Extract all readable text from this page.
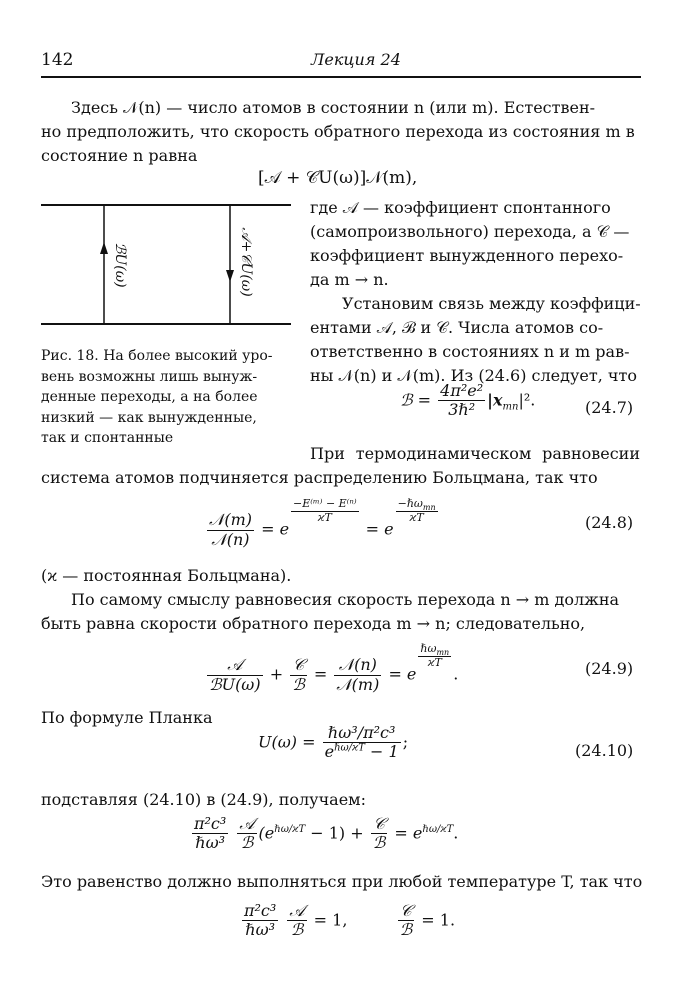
142	Лекция 24
Здесь 𝒩(n) — число атомов в состоянии n (или m). Естествен-
но предположить, что скорость обратного перехода из состояния m в
состояние n равна
[𝒜 + 𝒞U(ω)]𝒩(m),
ℬU(ω)	𝒜+𝒞U(ω)
Рис. 18. На более высокий уро-
вень возможны лишь вынуж-
денные переходы, а на более
низкий — как вынужденные,
так и спонтанные
где 𝒜 — коэффициент спонтанного
(самопроизвольного) перехода, а 𝒞 —
коэффициент вынужденного перехо-
да m → n.
Установим связь между коэффици-
ентами 𝒜, ℬ и 𝒞. Числа атомов со-
ответственно в состояниях n и m рав-
ны 𝒩(n) и 𝒩(m). Из (24.6) следует, что
ℬ = $\frac{\text{4π²e²}}{\text{3ℏ²}} |x_{mn}|^2$.	(24.7)
При термодинамическом равновесии
система атомов подчиняется распределению Больцмана, так что
$\frac{\text{𝒩(m)}}{\text{𝒩(n)}} = e$
$\frac{\text{−E⁽ᵐ⁾ − E⁽ⁿ⁾}}{ϰT}$
= e
$\frac{-\hbar\omega_{mn}}{ϰT}$	(24.8)
(ϰ — постоянная Больцмана).
По самому смыслу равновесия скорость перехода n → m должна
быть равна скорости обратного перехода m → n; следовательно,
$\frac{\text{𝒜}}{\text{ℬU(ω)}} + \frac{\text{𝒞}}{\text{ℬ}} = \frac{\text{𝒩(n)}}{\text{𝒩(m)}} = e$
$\frac{\hbar\omega_{mn}}{ϰT}$
.	(24.9)
По формуле Планка
$U(\omega) = \frac{\text{ℏω³/π²c³}}{e^{\hbar\omega/ϰT} - 1}$ ;	(24.10)
подставляя (24.10) в (24.9), получаем:
$\frac{\text{π²c³}}{\text{ℏω³}}$
$\frac{\text{𝒜}}{\text{ℬ}} (e^{\hbar\omega/ϰT} - 1) + \frac{\text{𝒞}}{\text{ℬ}} = e^{\hbar\omega/ϰT}$.
Это равенство должно выполняться при любой температуре T, так что
$\frac{\text{π²c³}}{\text{ℏω³}}$
$\frac{\text{𝒜}}{\text{ℬ}} = 1$,	$\frac{\text{𝒞}}{\text{ℬ}} = 1$.
